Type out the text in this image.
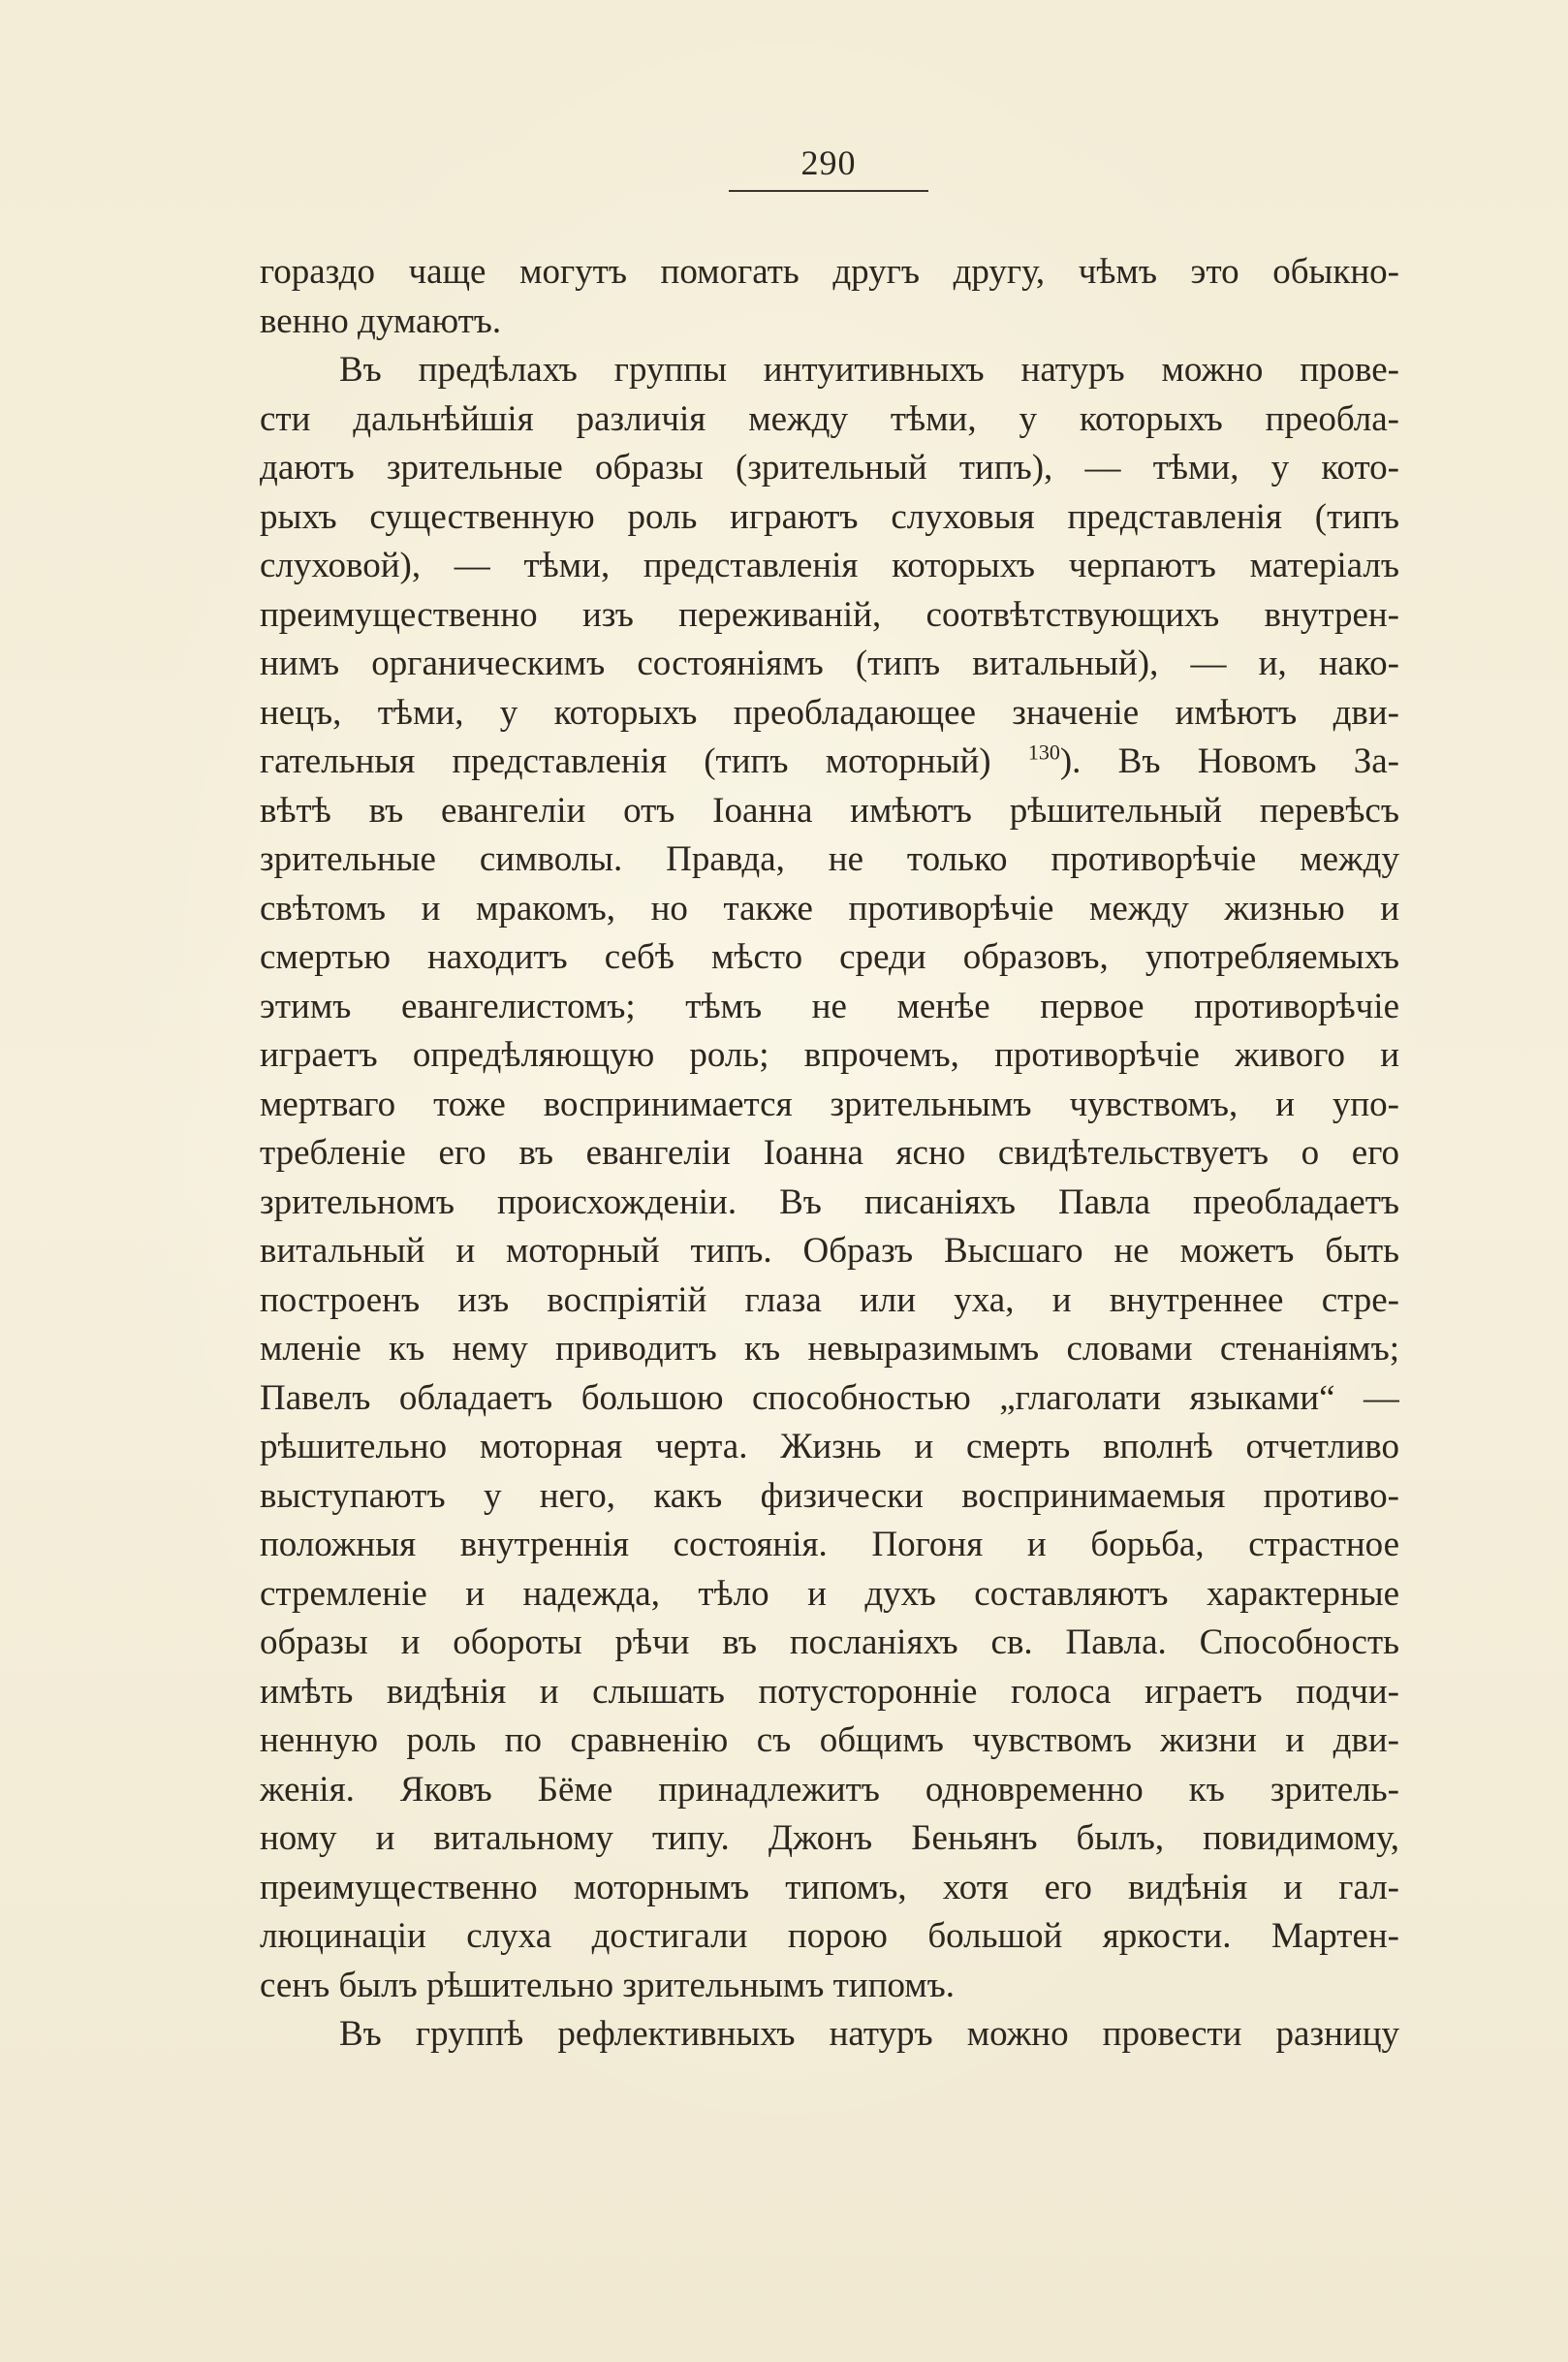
290
гораздо чаще могутъ помогать другъ другу, чѣмъ это обыкно-
венно думаютъ.
Въ предѣлахъ группы интуитивныхъ натуръ можно прове-
сти дальнѣйшія различія между тѣми, у которыхъ преобла-
даютъ зрительные образы (зрительный типъ), — тѣми, у кото-
рыхъ существенную роль играютъ слуховыя представленія (типъ
слуховой), — тѣми, представленія которыхъ черпаютъ матеріалъ
преимущественно изъ переживаній, соотвѣтствующихъ внутрен-
нимъ органическимъ состояніямъ (типъ витальный), — и, нако-
нецъ, тѣми, у которыхъ преобладающее значеніе имѣютъ дви-
гательныя представленія (типъ моторный) $^{130}$). Въ Новомъ За-
вѣтѣ въ евангеліи отъ Іоанна имѣютъ рѣшительный перевѣсъ
зрительные символы. Правда, не только противорѣчіе между
свѣтомъ и мракомъ, но также противорѣчіе между жизнью и
смертью находитъ себѣ мѣсто среди образовъ, употребляемыхъ
этимъ евангелистомъ; тѣмъ не менѣе первое противорѣчіе
играетъ опредѣляющую роль; впрочемъ, противорѣчіе живого и
мертваго тоже воспринимается зрительнымъ чувствомъ, и упо-
требленіе его въ евангеліи Іоанна ясно свидѣтельствуетъ о его
зрительномъ происхожденіи. Въ писаніяхъ Павла преобладаетъ
витальный и моторный типъ. Образъ Высшаго не можетъ быть
построенъ изъ воспріятій глаза или уха, и внутреннее стре-
мленіе къ нему приводитъ къ невыразимымъ словами стенаніямъ;
Павелъ обладаетъ большою способностью „глаголати языками“ —
рѣшительно моторная черта. Жизнь и смерть вполнѣ отчетливо
выступаютъ у него, какъ физически воспринимаемыя противо-
положныя внутреннія состоянія. Погоня и борьба, страстное
стремленіе и надежда, тѣло и духъ составляютъ характерные
образы и обороты рѣчи въ посланіяхъ св. Павла. Способность
имѣть видѣнія и слышать потусторонніе голоса играетъ подчи-
ненную роль по сравненію съ общимъ чувствомъ жизни и дви-
женія. Яковъ Бёме принадлежитъ одновременно къ зритель-
ному и витальному типу. Джонъ Беньянъ былъ, повидимому,
преимущественно моторнымъ типомъ, хотя его видѣнія и гал-
люцинаціи слуха достигали порою большой яркости. Мартен-
сенъ былъ рѣшительно зрительнымъ типомъ.
Въ группѣ рефлективныхъ натуръ можно провести разницу
